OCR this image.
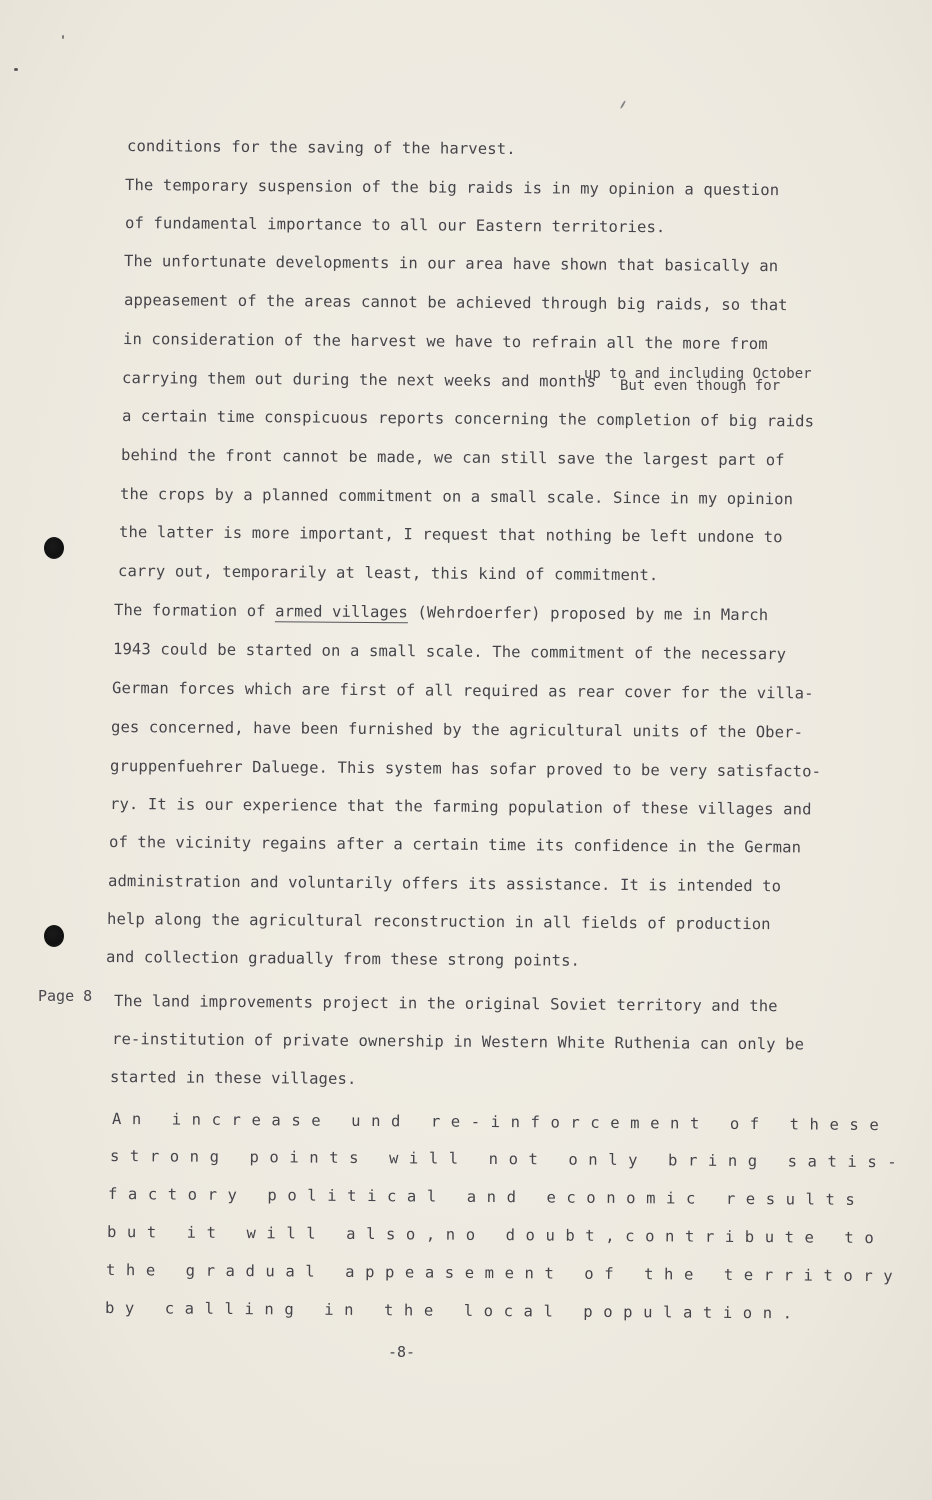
conditions for the saving of the harvest.
The temporary suspension of the big raids is in my opinion a question
of fundamental importance to all our Eastern territories.
The unfortunate developments in our area have shown that basically an
appeasement of the areas cannot be achieved through big raids, so that
in consideration of the harvest we have to refrain all the more from
carrying them out during the next weeks and months
up to and including October
But even though for
a certain time conspicuous reports concerning the completion of big raids
behind the front cannot be made, we can still save the largest part of
the crops by a planned commitment on a small scale. Since in my opinion
the latter is more important, I request that nothing be left undone to
carry out, temporarily at least, this kind of commitment.
The formation of armed villages (Wehrdoerfer) proposed by me in March
1943 could be started on a small scale. The commitment of the necessary
German forces which are first of all required as rear cover for the villa-
ges concerned, have been furnished by the agricultural units of the Ober-
gruppenfuehrer Daluege. This system has sofar proved to be very satisfacto-
ry. It is our experience that the farming population of these villages and
of the vicinity regains after a certain time its confidence in the German
administration and voluntarily offers its assistance. It is intended to
help along the agricultural reconstruction in all fields of production
and collection gradually from these strong points.
Page 8 The land improvements project in the original Soviet territory and the
re-institution of private ownership in Western White Ruthenia can only be
started in these villages.
An increase und re-inforcement of these
strong points will not only bring satis-
factory political and economic results
but it will also,no doubt,contribute to
the gradual appeasement of the territory
by calling in the local population.
-8-
